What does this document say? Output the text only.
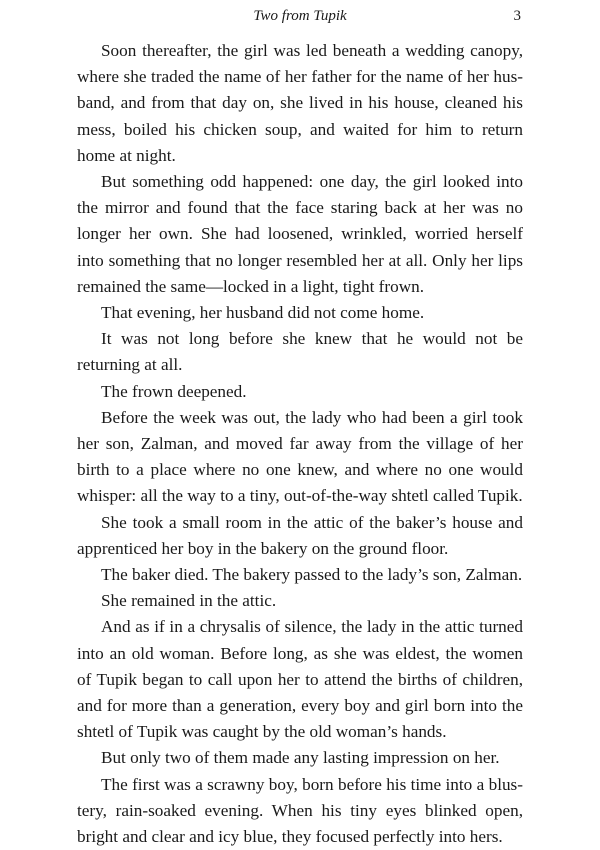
Two from Tupik	3

Soon thereafter, the girl was led beneath a wedding canopy, where she traded the name of her father for the name of her husband, and from that day on, she lived in his house, cleaned his mess, boiled his chicken soup, and waited for him to return home at night.

But something odd happened: one day, the girl looked into the mirror and found that the face staring back at her was no longer her own. She had loosened, wrinkled, worried herself into something that no longer resembled her at all. Only her lips remained the same—locked in a light, tight frown.

That evening, her husband did not come home.

It was not long before she knew that he would not be returning at all.

The frown deepened.

Before the week was out, the lady who had been a girl took her son, Zalman, and moved far away from the village of her birth to a place where no one knew, and where no one would whisper: all the way to a tiny, out-of-the-way shtetl called Tupik.

She took a small room in the attic of the baker’s house and apprenticed her boy in the bakery on the ground floor.

The baker died. The bakery passed to the lady’s son, Zalman.

She remained in the attic.

And as if in a chrysalis of silence, the lady in the attic turned into an old woman. Before long, as she was eldest, the women of Tupik began to call upon her to attend the births of children, and for more than a generation, every boy and girl born into the shtetl of Tupik was caught by the old woman’s hands.

But only two of them made any lasting impression on her.

The first was a scrawny boy, born before his time into a blustery, rain-soaked evening. When his tiny eyes blinked open, bright and clear and icy blue, they focused perfectly into hers.
